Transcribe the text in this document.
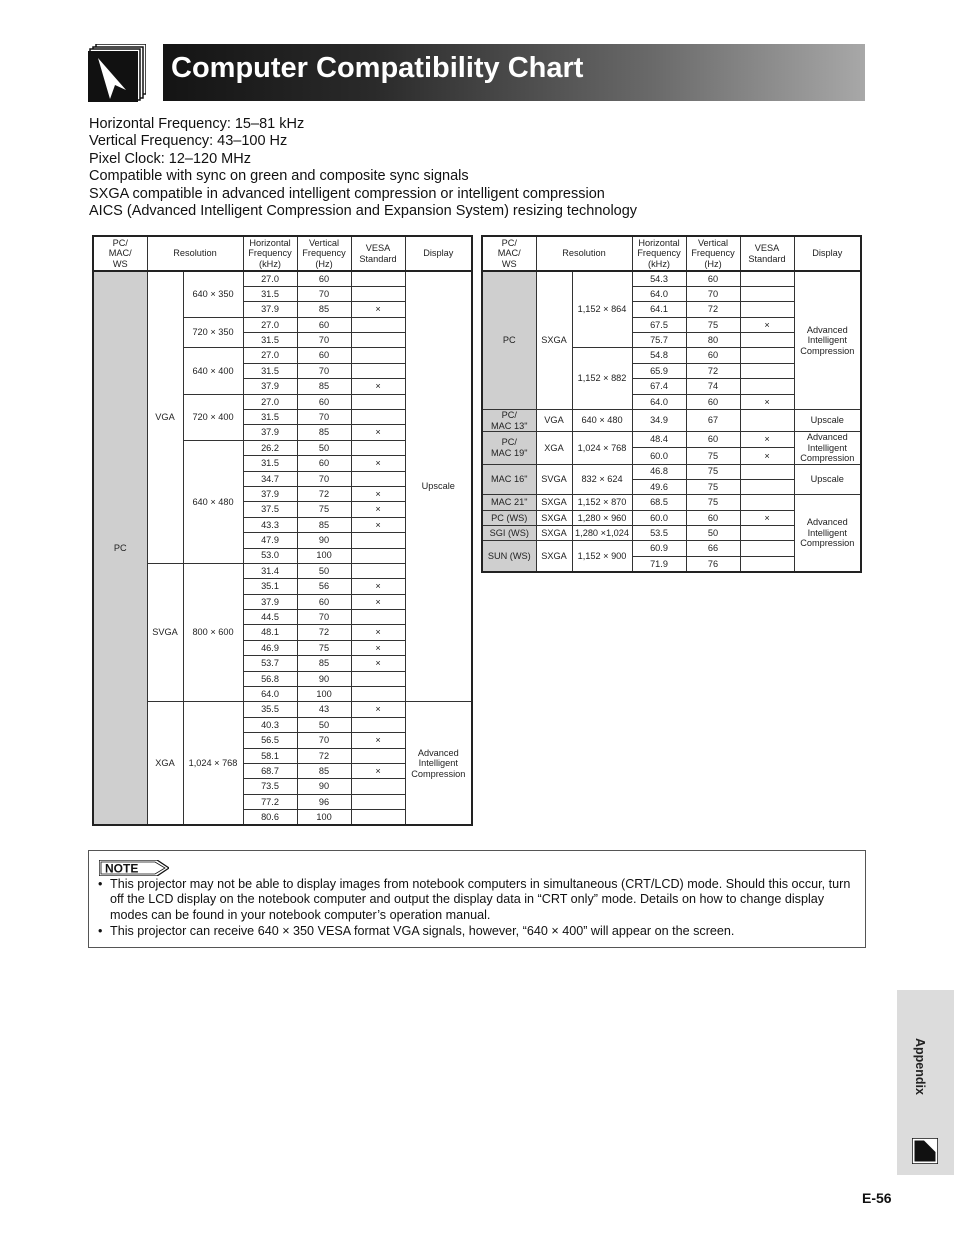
Computer Compatibility Chart
Horizontal Frequency: 15–81 kHz
Vertical Frequency: 43–100 Hz
Pixel Clock: 12–120 MHz
Compatible with sync on green and composite sync signals
SXGA compatible in advanced intelligent compression or intelligent compression
AICS (Advanced Intelligent Compression and Expansion System) resizing technology
PC/
MAC/
WS	Resolution		Horizontal
Frequency
(kHz)	Vertical
Frequency
(Hz)	VESA
Standard	Display
PC	VGA	640 × 350	27.0	60		Upscale
			31.5	70		
			37.9	85	×	
		720 × 350	27.0	60		
			31.5	70		
		640 × 400	27.0	60		
			31.5	70		
			37.9	85	×	
		720 × 400	27.0	60		
			31.5	70		
			37.9	85	×	
		640 × 480	26.2	50		
			31.5	60	×	
			34.7	70		
			37.9	72	×	
			37.5	75	×	
			43.3	85	×	
			47.9	90		
			53.0	100		
	SVGA	800 × 600	31.4	50		
			35.1	56	×	
			37.9	60	×	
			44.5	70		
			48.1	72	×	
			46.9	75	×	
			53.7	85	×	
			56.8	90		
			64.0	100		
	XGA	1,024 × 768	35.5	43	×	Advanced
Intelligent
Compression
			40.3	50		
			56.5	70	×	
			58.1	72		
			68.7	85	×	
			73.5	90		
			77.2	96		
			80.6	100		
PC/
MAC/
WS	Resolution		Horizontal
Frequency
(kHz)	Vertical
Frequency
(Hz)	VESA
Standard	Display
PC	SXGA	1,152 × 864	54.3	60		Advanced
Intelligent
Compression
			64.0	70		
			64.1	72		
			67.5	75	×	
			75.7	80		
		1,152 × 882	54.8	60		
			65.9	72		
			67.4	74		
			64.0	60	×	
PC/
MAC 13"	VGA	640 × 480	34.9	67		Upscale
PC/
MAC 19"	XGA	1,024 × 768	48.4	60	×	Advanced
Intelligent
Compression
			60.0	75	×	
MAC 16"	SVGA	832 × 624	46.8	75		Upscale
			49.6	75		
MAC 21"	SXGA	1,152 × 870	68.5	75		Advanced
Intelligent
Compression
PC (WS)	SXGA	1,280 × 960	60.0	60	×	
SGI (WS)	SXGA	1,280 ×1,024	53.5	50		
SUN (WS)	SXGA	1,152 × 900	60.9	66		
			71.9	76		
NOTE
• This projector may not be able to display images from notebook computers in simultaneous (CRT/LCD) mode. Should this occur, turn off the LCD display on the notebook computer and output the display data in “CRT only” mode. Details on how to change display modes can be found in your notebook computer’s operation manual.
• This projector can receive 640 × 350 VESA format VGA signals, however, “640 × 400” will appear on the screen.
Appendix
E-56
